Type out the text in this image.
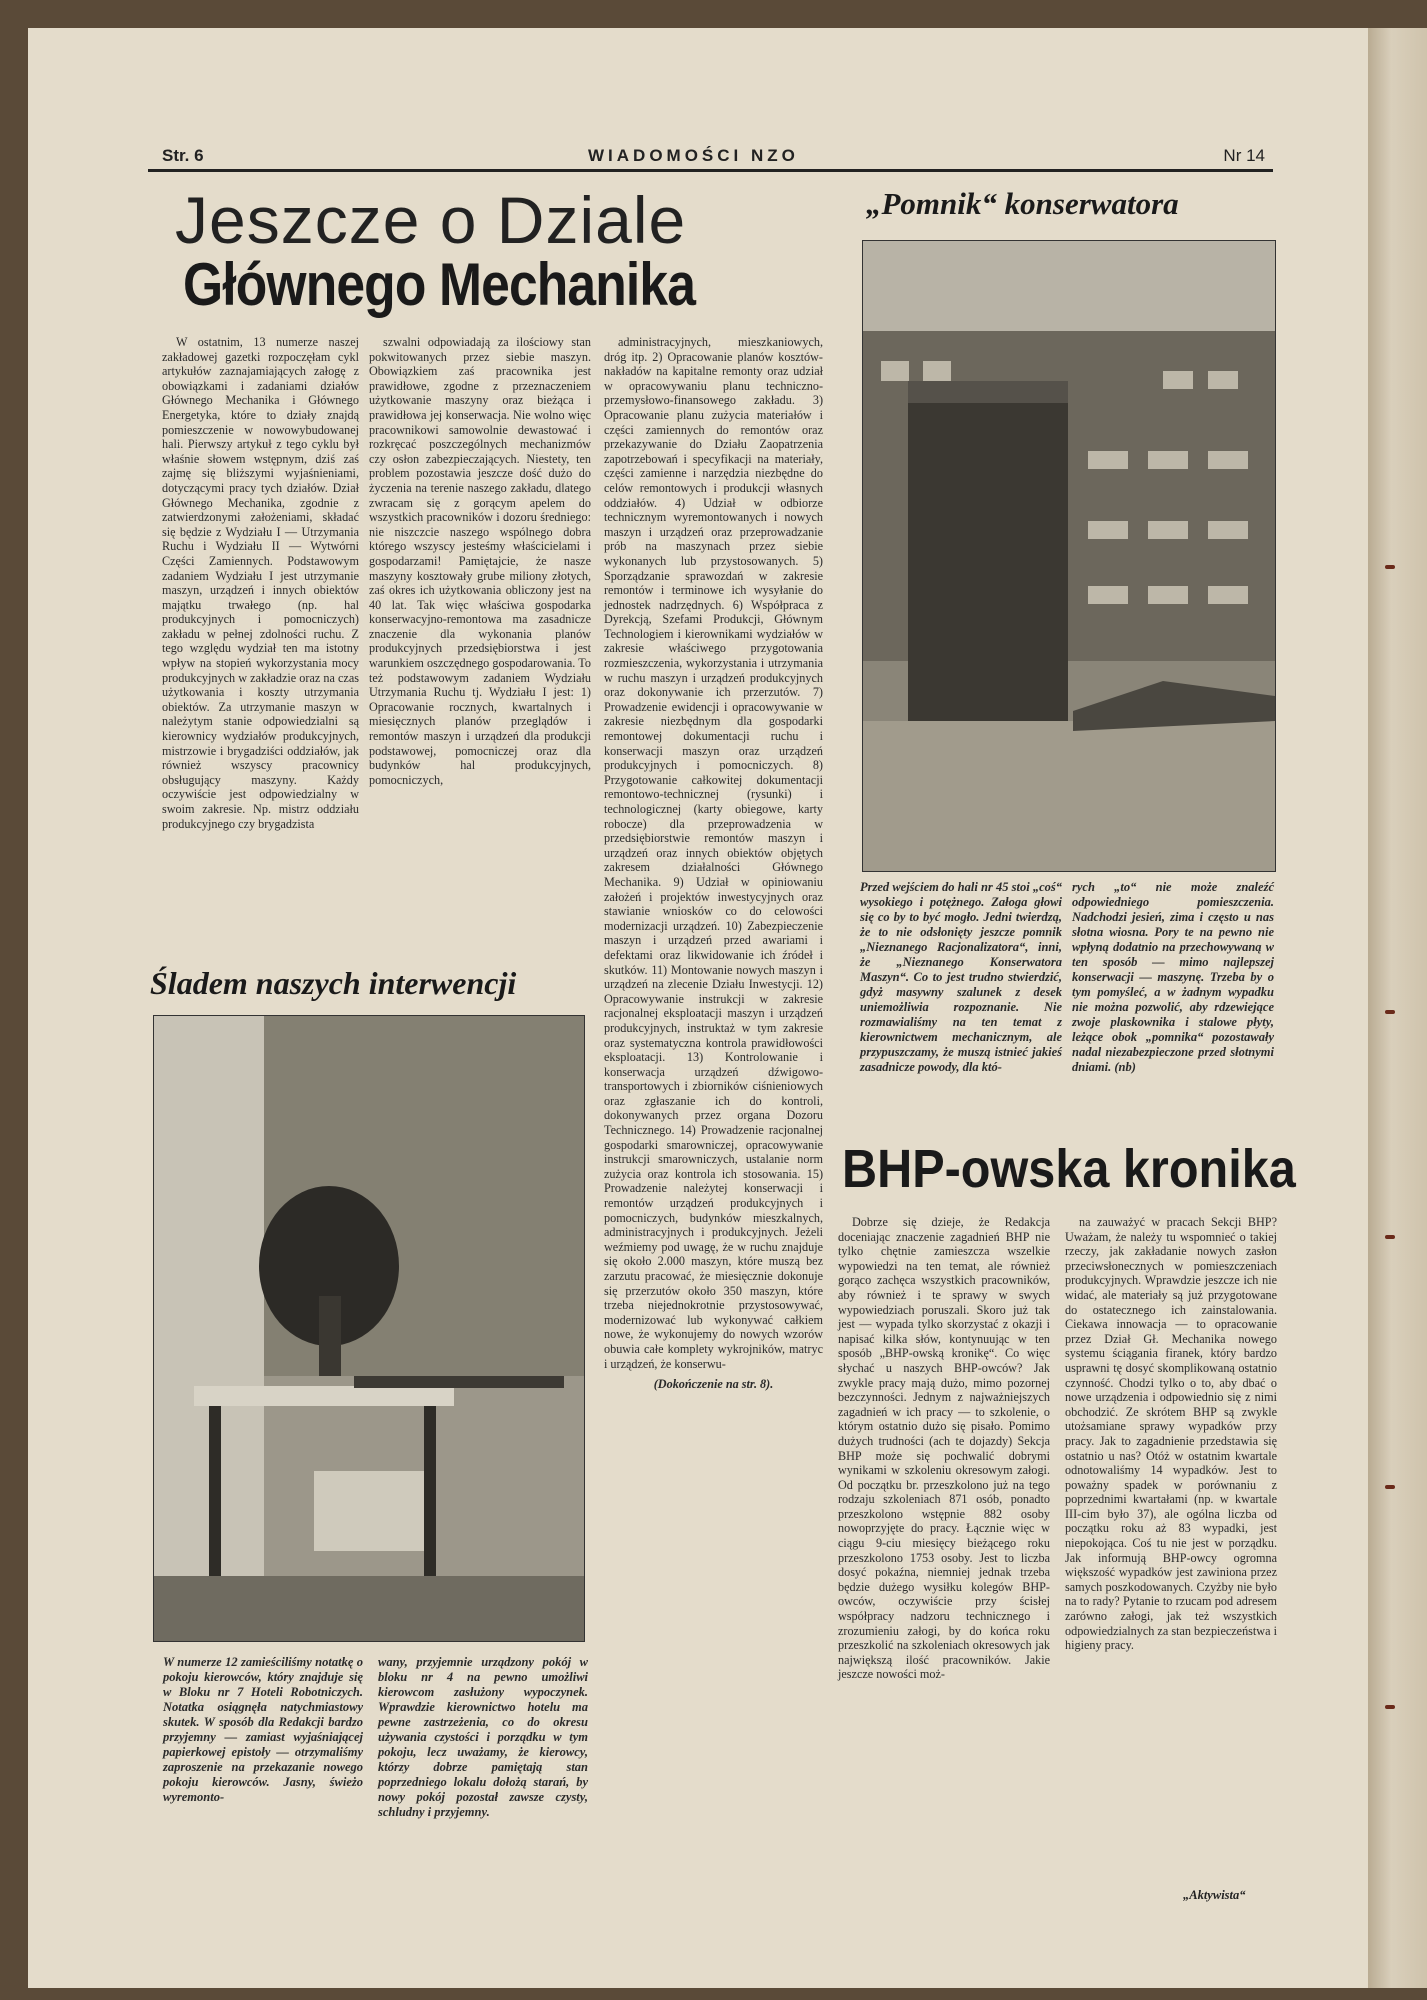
Str. 6	WIADOMOŚCI NZO	Nr 14
Jeszcze o Dziale
Głównego Mechanika

W ostatnim, 13 numerze naszej zakładowej gazetki rozpoczęłam cykl artykułów zaznajamiających załogę z obowiązkami i zadaniami działów Głównego Mechanika i Głównego Energetyka, które to działy znajdą pomieszczenie w nowowybudowanej hali. Pierwszy artykuł z tego cyklu był właśnie słowem wstępnym, dziś zaś zajmę się bliższymi wyjaśnieniami, dotyczącymi pracy tych działów. Dział Głównego Mechanika, zgodnie z zatwierdzonymi założeniami, składać się będzie z Wydziału I — Utrzymania Ruchu i Wydziału II — Wytwórni Części Zamiennych. Podstawowym zadaniem Wydziału I jest utrzymanie maszyn, urządzeń i innych obiektów majątku trwałego (np. hal produkcyjnych i pomocniczych) zakładu w pełnej zdolności ruchu. Z tego względu wydział ten ma istotny wpływ na stopień wykorzystania mocy produkcyjnych w zakładzie oraz na czas użytkowania i koszty utrzymania obiektów. Za utrzymanie maszyn w należytym stanie odpowiedzialni są kierownicy wydziałów produkcyjnych, mistrzowie i brygadziści oddziałów, jak również wszyscy pracownicy obsługujący maszyny. Każdy oczywiście jest odpowiedzialny w swoim zakresie. Np. mistrz oddziału produkcyjnego czy brygadzista

szwalni odpowiadają za ilościowy stan pokwitowanych przez siebie maszyn. Obowiązkiem zaś pracownika jest prawidłowe, zgodne z przeznaczeniem użytkowanie maszyny oraz bieżąca i prawidłowa jej konserwacja. Nie wolno więc pracownikowi samowolnie dewastować i rozkręcać poszczególnych mechanizmów czy osłon zabezpieczających. Niestety, ten problem pozostawia jeszcze dość dużo do życzenia na terenie naszego zakładu, dlatego zwracam się z gorącym apelem do wszystkich pracowników i dozoru średniego: nie niszczcie naszego wspólnego dobra którego wszyscy jesteśmy właścicielami i gospodarzami! Pamiętajcie, że nasze maszyny kosztowały grube miliony złotych, zaś okres ich użytkowania obliczony jest na 40 lat. Tak więc właściwa gospodarka konserwacyjno-remontowa ma zasadnicze znaczenie dla wykonania planów produkcyjnych przedsiębiorstwa i jest warunkiem oszczędnego gospodarowania. To też podstawowym zadaniem Wydziału Utrzymania Ruchu tj. Wydziału I jest: 1) Opracowanie rocznych, kwartalnych i miesięcznych planów przeglądów i remontów maszyn i urządzeń dla produkcji podstawowej, pomocniczej oraz dla budynków hal produkcyjnych, pomocniczych,

administracyjnych, mieszkaniowych, dróg itp. 2) Opracowanie planów kosztów-nakładów na kapitalne remonty oraz udział w opracowywaniu planu techniczno-przemysłowo-finansowego zakładu. 3) Opracowanie planu zużycia materiałów i części zamiennych do remontów oraz przekazywanie do Działu Zaopatrzenia zapotrzebowań i specyfikacji na materiały, części zamienne i narzędzia niezbędne do celów remontowych i produkcji własnych oddziałów. 4) Udział w odbiorze technicznym wyremontowanych i nowych maszyn i urządzeń oraz przeprowadzanie prób na maszynach przez siebie wykonanych lub przystosowanych. 5) Sporządzanie sprawozdań w zakresie remontów i terminowe ich wysyłanie do jednostek nadrzędnych. 6) Współpraca z Dyrekcją, Szefami Produkcji, Głównym Technologiem i kierownikami wydziałów w zakresie właściwego przygotowania rozmieszczenia, wykorzystania i utrzymania w ruchu maszyn i urządzeń produkcyjnych oraz dokonywanie ich przerzutów. 7) Prowadzenie ewidencji i opracowywanie w zakresie niezbędnym dla gospodarki remontowej dokumentacji ruchu i konserwacji maszyn oraz urządzeń produkcyjnych i pomocniczych. 8) Przygotowanie całkowitej dokumentacji remontowo-technicznej (rysunki) i technologicznej (karty obiegowe, karty robocze) dla przeprowadzenia w przedsiębiorstwie remontów maszyn i urządzeń oraz innych obiektów objętych zakresem działalności Głównego Mechanika. 9) Udział w opiniowaniu założeń i projektów inwestycyjnych oraz stawianie wniosków co do celowości modernizacji urządzeń. 10) Zabezpieczenie maszyn i urządzeń przed awariami i defektami oraz likwidowanie ich źródeł i skutków. 11) Montowanie nowych maszyn i urządzeń na zlecenie Działu Inwestycji. 12) Opracowywanie instrukcji w zakresie racjonalnej eksploatacji maszyn i urządzeń produkcyjnych, instruktaż w tym zakresie oraz systematyczna kontrola prawidłowości eksploatacji. 13) Kontrolowanie i konserwacja urządzeń dźwigowo-transportowych i zbiorników ciśnieniowych oraz zgłaszanie ich do kontroli, dokonywanych przez organa Dozoru Technicznego. 14) Prowadzenie racjonalnej gospodarki smarowniczej, opracowywanie instrukcji smarowniczych, ustalanie norm zużycia oraz kontrola ich stosowania. 15) Prowadzenie należytej konserwacji i remontów urządzeń produkcyjnych i pomocniczych, budynków mieszkalnych, administracyjnych i produkcyjnych. Jeżeli weźmiemy pod uwagę, że w ruchu znajduje się około 2.000 maszyn, które muszą bez zarzutu pracować, że miesięcznie dokonuje się przerzutów około 350 maszyn, które trzeba niejednokrotnie przystosowywać, modernizować lub wykonywać całkiem nowe, że wykonujemy do nowych wzorów obuwia całe komplety wykrojników, matryc i urządzeń, że konserwu-

(Dokończenie na str. 8).

„Pomnik“ konserwatora
Przed wejściem do hali nr 45 stoi „coś“ wysokiego i potężnego. Załoga głowi się co by to być mogło. Jedni twierdzą, że to nie odsłonięty jeszcze pomnik „Nieznanego Racjonalizatora“, inni, że „Nieznanego Konserwatora Maszyn“. Co to jest trudno stwierdzić, gdyż masywny szalunek z desek uniemożliwia rozpoznanie. Nie rozmawialiśmy na ten temat z kierownictwem mechanicznym, ale przypuszczamy, że muszą istnieć jakieś zasadnicze powody, dla któ-
rych „to“ nie może znaleźć odpowiedniego pomieszczenia. Nadchodzi jesień, zima i często u nas słotna wiosna. Pory te na pewno nie wpłyną dodatnio na przechowywaną w ten sposób — mimo najlepszej konserwacji — maszynę. Trzeba by o tym pomyśleć, a w żadnym wypadku nie można pozwolić, aby rdzewiejące zwoje plaskownika i stalowe płyty, leżące obok „pomnika“ pozostawały nadal niezabezpieczone przed słotnymi dniami. (nb)
Śladem naszych interwencji
W numerze 12 zamieściliśmy notatkę o pokoju kierowców, który znajduje się w Bloku nr 7 Hoteli Robotniczych. Notatka osiągnęła natychmiastowy skutek. W sposób dla Redakcji bardzo przyjemny — zamiast wyjaśniającej papierkowej epistoły — otrzymaliśmy zaproszenie na przekazanie nowego pokoju kierowców. Jasny, świeżo wyremonto-
wany, przyjemnie urządzony pokój w bloku nr 4 na pewno umożliwi kierowcom zasłużony wypoczynek. Wprawdzie kierownictwo hotelu ma pewne zastrzeżenia, co do okresu używania czystości i porządku w tym pokoju, lecz uważamy, że kierowcy, którzy dobrze pamiętają stan poprzedniego lokalu dołożą starań, by nowy pokój pozostał zawsze czysty, schludny i przyjemny.
BHP-owska kronika

Dobrze się dzieje, że Redakcja doceniając znaczenie zagadnień BHP nie tylko chętnie zamieszcza wszelkie wypowiedzi na ten temat, ale również gorąco zachęca wszystkich pracowników, aby również i te sprawy w swych wypowiedziach poruszali. Skoro już tak jest — wypada tylko skorzystać z okazji i napisać kilka słów, kontynuując w ten sposób „BHP-owską kronikę“. Co więc słychać u naszych BHP-owców? Jak zwykle pracy mają dużo, mimo pozornej bezczynności. Jednym z najważniejszych zagadnień w ich pracy — to szkolenie, o którym ostatnio dużo się pisało. Pomimo dużych trudności (ach te dojazdy) Sekcja BHP może się pochwalić dobrymi wynikami w szkoleniu okresowym załogi. Od początku br. przeszkolono już na tego rodzaju szkoleniach 871 osób, ponadto przeszkolono wstępnie 882 osoby nowoprzyjęte do pracy. Łącznie więc w ciągu 9-ciu miesięcy bieżącego roku przeszkolono 1753 osoby. Jest to liczba dosyć pokaźna, niemniej jednak trzeba będzie dużego wysiłku kolegów BHP-owców, oczywiście przy ścisłej współpracy nadzoru technicznego i zrozumieniu załogi, by do końca roku przeszkolić na szkoleniach okresowych jak największą ilość pracowników. Jakie jeszcze nowości moż-

na zauważyć w pracach Sekcji BHP? Uważam, że należy tu wspomnieć o takiej rzeczy, jak zakładanie nowych zasłon przeciwsłonecznych w pomieszczeniach produkcyjnych. Wprawdzie jeszcze ich nie widać, ale materiały są już przygotowane do ostatecznego ich zainstalowania. Ciekawa innowacja — to opracowanie przez Dział Gł. Mechanika nowego systemu ściągania firanek, który bardzo usprawni tę dosyć skomplikowaną ostatnio czynność. Chodzi tylko o to, aby dbać o nowe urządzenia i odpowiednio się z nimi obchodzić. Ze skrótem BHP są zwykle utożsamiane sprawy wypadków przy pracy. Jak to zagadnienie przedstawia się ostatnio u nas? Otóż w ostatnim kwartale odnotowaliśmy 14 wypadków. Jest to poważny spadek w porównaniu z poprzednimi kwartałami (np. w kwartale III-cim było 37), ale ogólna liczba od początku roku aż 83 wypadki, jest niepokojąca. Coś tu nie jest w porządku. Jak informują BHP-owcy ogromna większość wypadków jest zawiniona przez samych poszkodowanych. Czyżby nie było na to rady? Pytanie to rzucam pod adresem zarówno załogi, jak też wszystkich odpowiedzialnych za stan bezpieczeństwa i higieny pracy.

„Aktywista“
